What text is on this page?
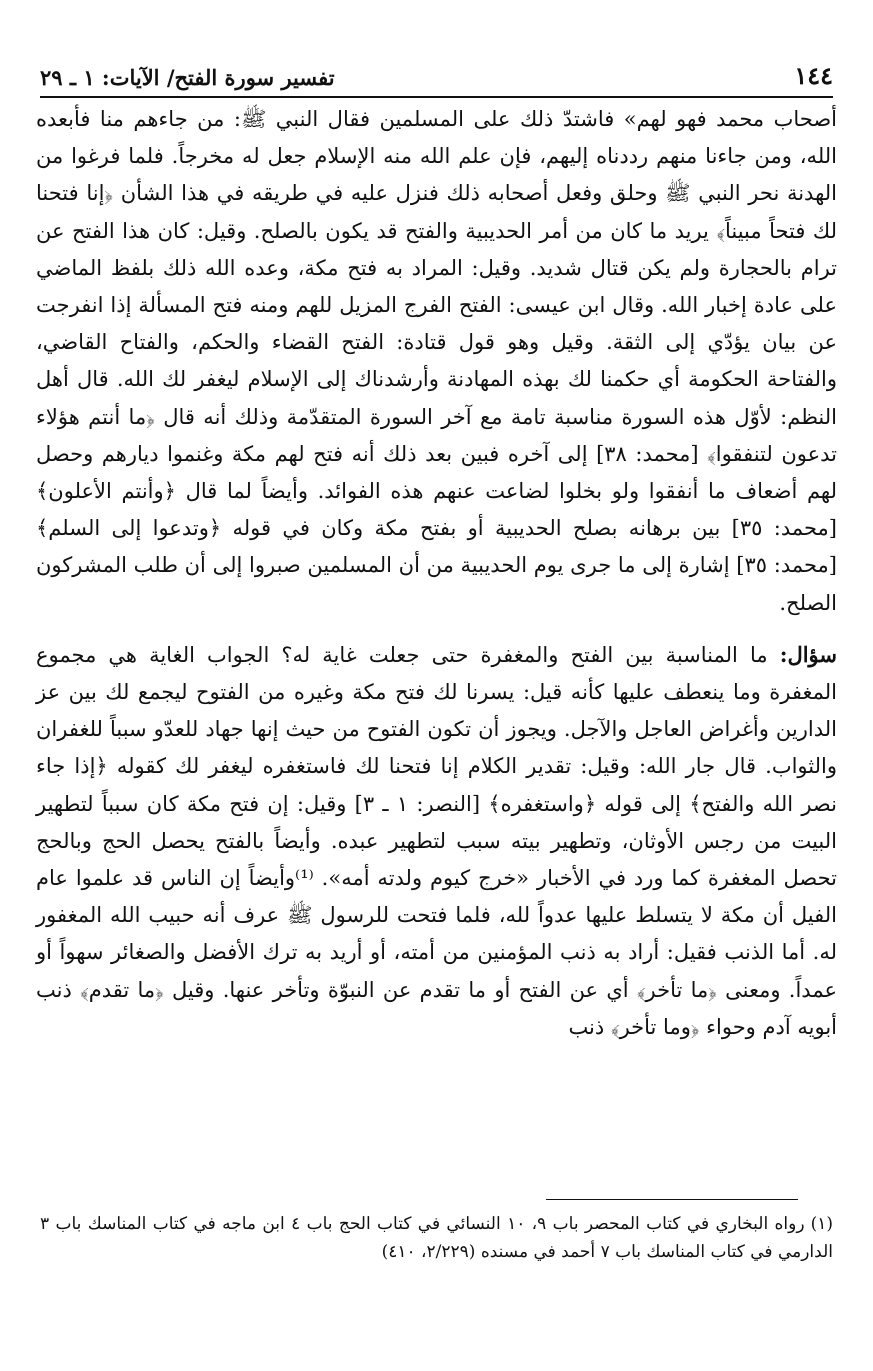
١٤٤
تفسير سورة الفتح/ الآيات: ١ ـ ٢٩

أصحاب محمد فهو لهم» فاشتدّ ذلك على المسلمين فقال النبي ﷺ: من جاءهم منا فأبعده الله، ومن جاءنا منهم رددناه إليهم، فإن علم الله منه الإسلام جعل له مخرجاً. فلما فرغوا من الهدنة نحر النبي ﷺ وحلق وفعل أصحابه ذلك فنزل عليه في طريقه في هذا الشأن ﴿إنا فتحنا لك فتحاً مبيناً﴾ يريد ما كان من أمر الحديبية والفتح قد يكون بالصلح. وقيل: كان هذا الفتح عن ترام بالحجارة ولم يكن قتال شديد. وقيل: المراد به فتح مكة، وعده الله ذلك بلفظ الماضي على عادة إخبار الله. وقال ابن عيسى: الفتح الفرج المزيل للهم ومنه فتح المسألة إذا انفرجت عن بيان يؤدّي إلى الثقة. وقيل وهو قول قتادة: الفتح القضاء والحكم، والفتاح القاضي، والفتاحة الحكومة أي حكمنا لك بهذه المهادنة وأرشدناك إلى الإسلام ليغفر لك الله. قال أهل النظم: لأوّل هذه السورة مناسبة تامة مع آخر السورة المتقدّمة وذلك أنه قال ﴿ما أنتم هؤلاء تدعون لتنفقوا﴾ [محمد: ٣٨] إلى آخره فبين بعد ذلك أنه فتح لهم مكة وغنموا ديارهم وحصل لهم أضعاف ما أنفقوا ولو بخلوا لضاعت عنهم هذه الفوائد. وأيضاً لما قال ﴿وأنتم الأعلون﴾ [محمد: ٣٥] بين برهانه بصلح الحديبية أو بفتح مكة وكان في قوله ﴿وتدعوا إلى السلم﴾ [محمد: ٣٥] إشارة إلى ما جرى يوم الحديبية من أن المسلمين صبروا إلى أن طلب المشركون الصلح.

سؤال: ما المناسبة بين الفتح والمغفرة حتى جعلت غاية له؟ الجواب الغاية هي مجموع المغفرة وما ينعطف عليها كأنه قيل: يسرنا لك فتح مكة وغيره من الفتوح ليجمع لك بين عز الدارين وأغراض العاجل والآجل. ويجوز أن تكون الفتوح من حيث إنها جهاد للعدّو سبباً للغفران والثواب. قال جار الله: وقيل: تقدير الكلام إنا فتحنا لك فاستغفره ليغفر لك كقوله ﴿إذا جاء نصر الله والفتح﴾ إلى قوله ﴿واستغفره﴾ [النصر: ١ ـ ٣] وقيل: إن فتح مكة كان سبباً لتطهير البيت من رجس الأوثان، وتطهير بيته سبب لتطهير عبده. وأيضاً بالفتح يحصل الحج وبالحج تحصل المغفرة كما ورد في الأخبار «خرج كيوم ولدته أمه». ⁽¹⁾وأيضاً إن الناس قد علموا عام الفيل أن مكة لا يتسلط عليها عدواً لله، فلما فتحت للرسول ﷺ عرف أنه حبيب الله المغفور له. أما الذنب فقيل: أراد به ذنب المؤمنين من أمته، أو أريد به ترك الأفضل والصغائر سهواً أو عمداً. ومعنى ﴿ما تأخر﴾ أي عن الفتح أو ما تقدم عن النبوّة وتأخر عنها. وقيل ﴿ما تقدم﴾ ذنب أبويه آدم وحواء ﴿وما تأخر﴾ ذنب

(١)رواه البخاري في كتاب المحصر باب ٩، ١٠ النسائي في كتاب الحج باب ٤ ابن ماجه في كتاب المناسك باب ٣ الدارمي في كتاب المناسك باب ٧ أحمد في مسنده (٢/٢٢٩، ٤١٠)
